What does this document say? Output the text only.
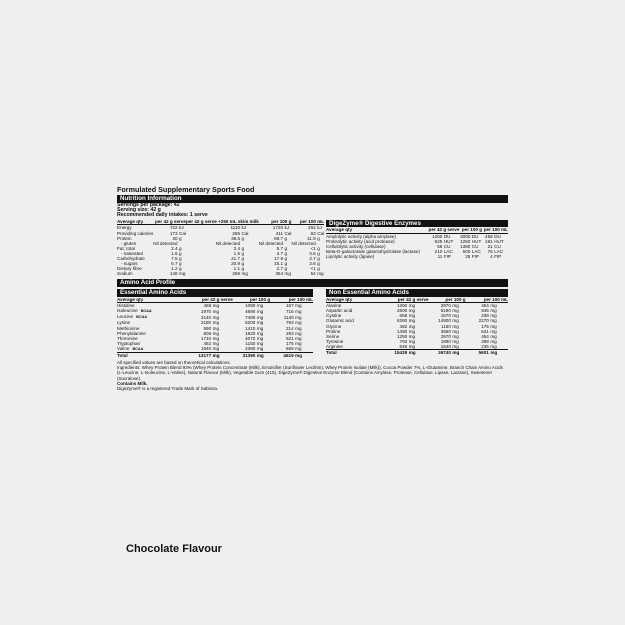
Formulated Supplementary Sports Food
Nutrition Information
Servings per package: 42
Serving size: 42 g
Recommended daily intakes: 1 serve
Average qty	per 42 g serve		per 42 g serve +250 mL skim milk		per 100 g		per 100 mL	
Energy	722	kJ	1110	kJ	1720	kJ	262	kJ
Providing calories	173	Cal	265	Cal	411	Cal	63	Cal
Protein	30	g	38.5	g	69.7	g	11.9	g
- gluten	Nil detected		Nil detected		Nil detected		Nil detected	
Fat, total	2.4	g	2.4	g	5.7	g	<1	g
- saturated	1.6	g	1.5	g	3.7	g	0.6	g
Carbohydrate	7.5	g	21.7	g	17.9	g	2.7	g
- sugars	6.7	g	20.9	g	16.1	g	2.6	g
Dietary fibre	1.2	g	1.1	g	2.7	g	<1	g
Sodium	148	mg	266	mg	354	mg	54	mg
DigeZyme® Digestive Enzymes
Average qty	per 42 g serve		per 100 g		per 100 mL	
Amylolytic activity (alpha amylase)	1260	DU	3000	DU	458	DU
Proteolytic activity (acid protease)	525	HUT	1250	HUT	191	HUT
Cellulolytic activity (cellulase)	58	CU	1380	CU	21	CU
Beta-D-galactoside galactohydrolase (lactase)	210	LAC	500	LAC	76	LAC
Lipolytic activity (lipase)	11	FIP	25	FIP	4	FIP
Amino Acid Profile
Essential Amino Acids
Average qty	per 42 g serve		per 100 g		per 100 mL	
Histidine	458	mg	1090	mg	167	mg
Isoleucine BCAA	1970	mg	4690	mg	716	mg
Leucine BCAA	3140	mg	7480	mg	1140	mg
Lysine	2180	mg	5200	mg	793	mg
Methionine	590	mg	1410	mg	214	mg
Phenylalanine	806	mg	1920	mg	293	mg
Threonine	1710	mg	4070	mg	621	mg
Tryptophan	482	mg	1150	mg	175	mg
Valine BCAA	1840	mg	4380	mg	669	mg
Total	13177	mg	31390	mg	4619	mg
Non Essential Amino Acids
Average qty	per 42 g serve		per 100 g		per 100 mL	
Alanine	1250	mg	2970	mg	454	mg
Aspartic acid	2600	mg	6190	mg	945	mg
Cystine	658	mg	1570	mg	239	mg
Glutamic acid	6260	mg	14900	mg	2270	mg
Glycine	482	mg	1150	mg	175	mg
Proline	1490	mg	3560	mg	541	mg
Serine	1250	mg	2970	mg	454	mg
Tyrosine	793	mg	1890	mg	288	mg
Arginine	646	mg	1540	mg	235	mg
Total	15429	mg	36740	mg	5601	mg
All specified values are based on theoretical calculations.
Ingredients: Whey Protein Blend 93% (Whey Protein Concentrate (Milk), Emulsifier (Sunflower Lecithin), Whey Protein Isolate (Milk)), Cocoa Powder 7%, L-Glutamine, Branch Chain Amino Acids (L-Leucine, L-Isoleucine, L-Valine), Natural Flavour (Milk), Vegetable Gum (415), DigeZyme® Digestive Enzyme Blend (Contains Amylase, Protease, Cellulase, Lipase, Lactase), Sweetener (Sucralose).
Contains Milk.
DigeZyme® is a registered Trade Mark of Sabinsa.
Chocolate Flavour
